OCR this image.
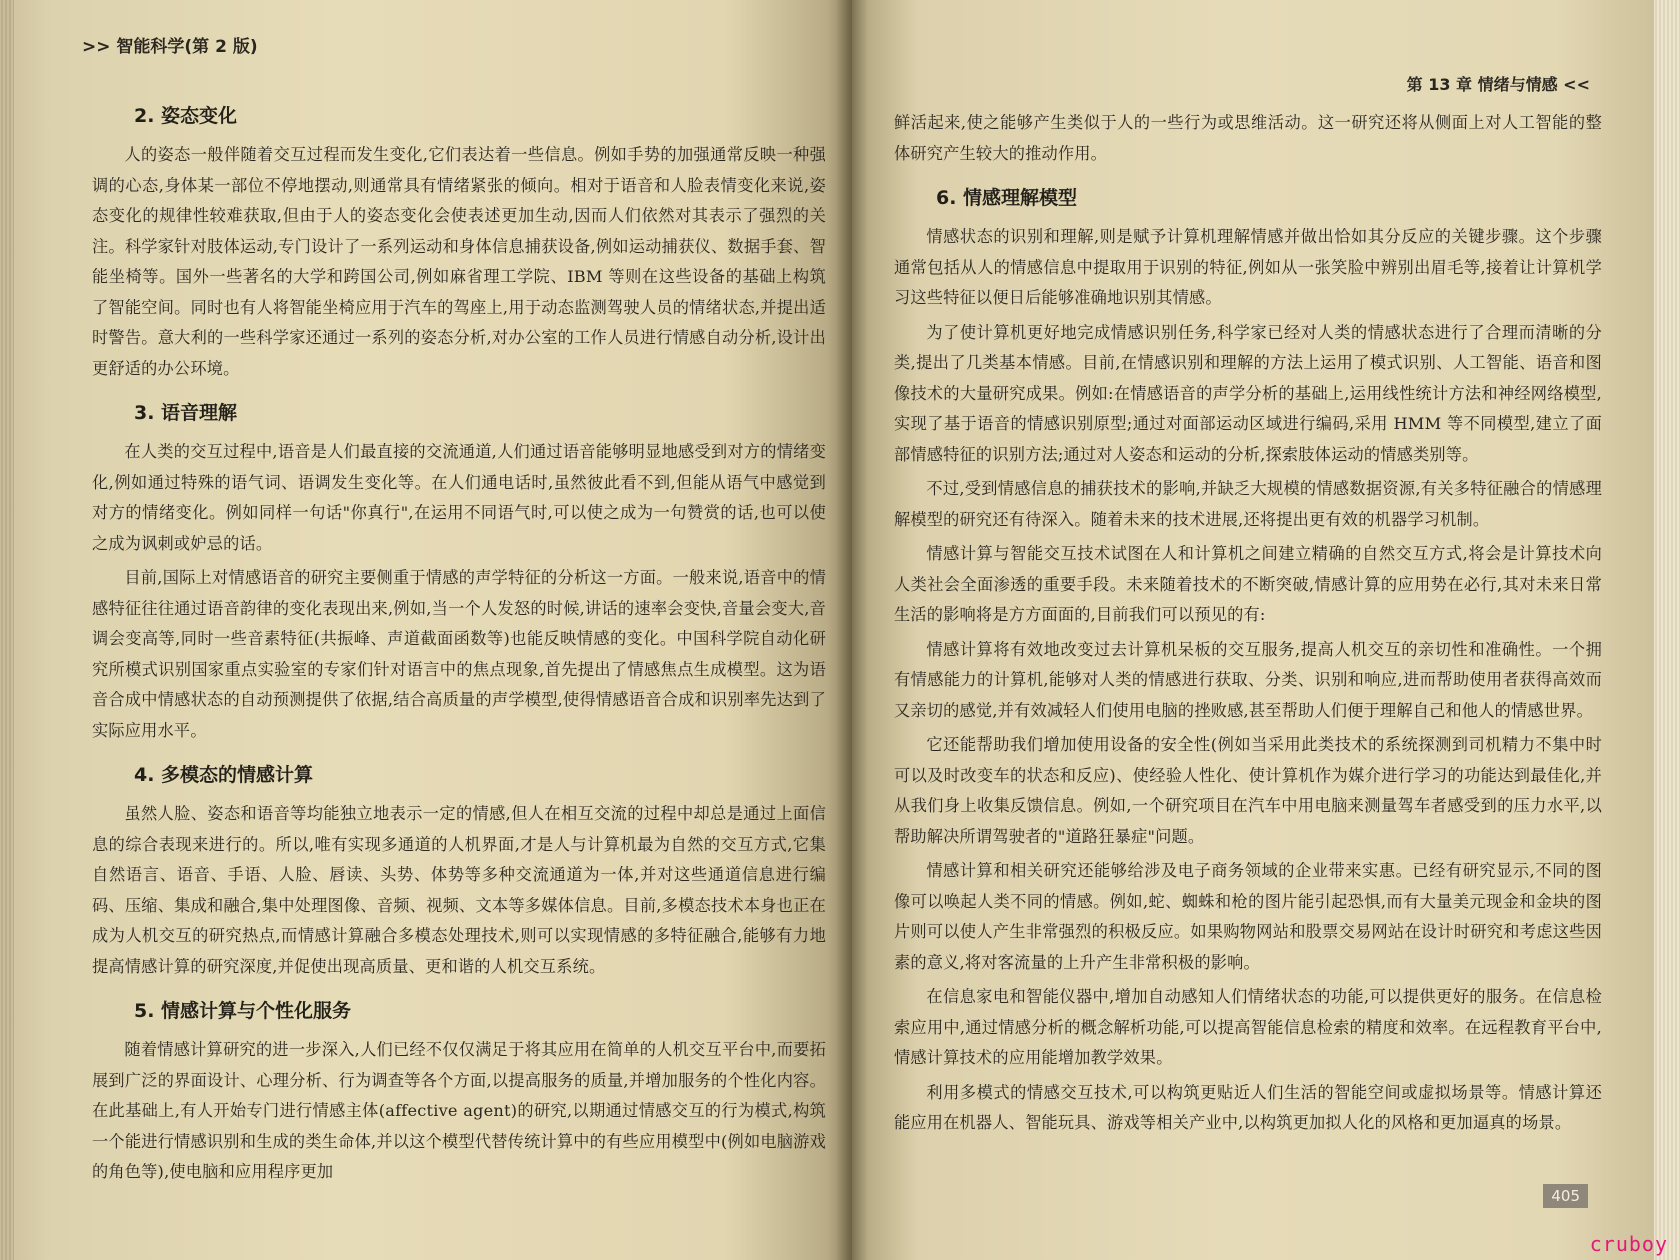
>> 智能科学(第 2 版)
2. 姿态变化

人的姿态一般伴随着交互过程而发生变化,它们表达着一些信息。例如手势的加强通常反映一种强调的心态,身体某一部位不停地摆动,则通常具有情绪紧张的倾向。相对于语音和人脸表情变化来说,姿态变化的规律性较难获取,但由于人的姿态变化会使表述更加生动,因而人们依然对其表示了强烈的关注。科学家针对肢体运动,专门设计了一系列运动和身体信息捕获设备,例如运动捕获仪、数据手套、智能坐椅等。国外一些著名的大学和跨国公司,例如麻省理工学院、IBM 等则在这些设备的基础上构筑了智能空间。同时也有人将智能坐椅应用于汽车的驾座上,用于动态监测驾驶人员的情绪状态,并提出适时警告。意大利的一些科学家还通过一系列的姿态分析,对办公室的工作人员进行情感自动分析,设计出更舒适的办公环境。

3. 语音理解

在人类的交互过程中,语音是人们最直接的交流通道,人们通过语音能够明显地感受到对方的情绪变化,例如通过特殊的语气词、语调发生变化等。在人们通电话时,虽然彼此看不到,但能从语气中感觉到对方的情绪变化。例如同样一句话"你真行",在运用不同语气时,可以使之成为一句赞赏的话,也可以使之成为讽刺或妒忌的话。

目前,国际上对情感语音的研究主要侧重于情感的声学特征的分析这一方面。一般来说,语音中的情感特征往往通过语音韵律的变化表现出来,例如,当一个人发怒的时候,讲话的速率会变快,音量会变大,音调会变高等,同时一些音素特征(共振峰、声道截面函数等)也能反映情感的变化。中国科学院自动化研究所模式识别国家重点实验室的专家们针对语言中的焦点现象,首先提出了情感焦点生成模型。这为语音合成中情感状态的自动预测提供了依据,结合高质量的声学模型,使得情感语音合成和识别率先达到了实际应用水平。

4. 多模态的情感计算

虽然人脸、姿态和语音等均能独立地表示一定的情感,但人在相互交流的过程中却总是通过上面信息的综合表现来进行的。所以,唯有实现多通道的人机界面,才是人与计算机最为自然的交互方式,它集自然语言、语音、手语、人脸、唇读、头势、体势等多种交流通道为一体,并对这些通道信息进行编码、压缩、集成和融合,集中处理图像、音频、视频、文本等多媒体信息。目前,多模态技术本身也正在成为人机交互的研究热点,而情感计算融合多模态处理技术,则可以实现情感的多特征融合,能够有力地提高情感计算的研究深度,并促使出现高质量、更和谐的人机交互系统。

5. 情感计算与个性化服务

随着情感计算研究的进一步深入,人们已经不仅仅满足于将其应用在简单的人机交互平台中,而要拓展到广泛的界面设计、心理分析、行为调查等各个方面,以提高服务的质量,并增加服务的个性化内容。在此基础上,有人开始专门进行情感主体(affective agent)的研究,以期通过情感交互的行为模式,构筑一个能进行情感识别和生成的类生命体,并以这个模型代替传统计算中的有些应用模型中(例如电脑游戏的角色等),使电脑和应用程序更加

第 13 章 情绪与情感 <<

鲜活起来,使之能够产生类似于人的一些行为或思维活动。这一研究还将从侧面上对人工智能的整体研究产生较大的推动作用。

6. 情感理解模型

情感状态的识别和理解,则是赋予计算机理解情感并做出恰如其分反应的关键步骤。这个步骤通常包括从人的情感信息中提取用于识别的特征,例如从一张笑脸中辨别出眉毛等,接着让计算机学习这些特征以便日后能够准确地识别其情感。

为了使计算机更好地完成情感识别任务,科学家已经对人类的情感状态进行了合理而清晰的分类,提出了几类基本情感。目前,在情感识别和理解的方法上运用了模式识别、人工智能、语音和图像技术的大量研究成果。例如:在情感语音的声学分析的基础上,运用线性统计方法和神经网络模型,实现了基于语音的情感识别原型;通过对面部运动区域进行编码,采用 HMM 等不同模型,建立了面部情感特征的识别方法;通过对人姿态和运动的分析,探索肢体运动的情感类别等。

不过,受到情感信息的捕获技术的影响,并缺乏大规模的情感数据资源,有关多特征融合的情感理解模型的研究还有待深入。随着未来的技术进展,还将提出更有效的机器学习机制。

情感计算与智能交互技术试图在人和计算机之间建立精确的自然交互方式,将会是计算技术向人类社会全面渗透的重要手段。未来随着技术的不断突破,情感计算的应用势在必行,其对未来日常生活的影响将是方方面面的,目前我们可以预见的有:

情感计算将有效地改变过去计算机呆板的交互服务,提高人机交互的亲切性和准确性。一个拥有情感能力的计算机,能够对人类的情感进行获取、分类、识别和响应,进而帮助使用者获得高效而又亲切的感觉,并有效减轻人们使用电脑的挫败感,甚至帮助人们便于理解自己和他人的情感世界。

它还能帮助我们增加使用设备的安全性(例如当采用此类技术的系统探测到司机精力不集中时可以及时改变车的状态和反应)、使经验人性化、使计算机作为媒介进行学习的功能达到最佳化,并从我们身上收集反馈信息。例如,一个研究项目在汽车中用电脑来测量驾车者感受到的压力水平,以帮助解决所谓驾驶者的"道路狂暴症"问题。

情感计算和相关研究还能够给涉及电子商务领域的企业带来实惠。已经有研究显示,不同的图像可以唤起人类不同的情感。例如,蛇、蜘蛛和枪的图片能引起恐惧,而有大量美元现金和金块的图片则可以使人产生非常强烈的积极反应。如果购物网站和股票交易网站在设计时研究和考虑这些因素的意义,将对客流量的上升产生非常积极的影响。

在信息家电和智能仪器中,增加自动感知人们情绪状态的功能,可以提供更好的服务。在信息检索应用中,通过情感分析的概念解析功能,可以提高智能信息检索的精度和效率。在远程教育平台中,情感计算技术的应用能增加教学效果。

利用多模式的情感交互技术,可以构筑更贴近人们生活的智能空间或虚拟场景等。情感计算还能应用在机器人、智能玩具、游戏等相关产业中,以构筑更加拟人化的风格和更加逼真的场景。

405
cruboy
